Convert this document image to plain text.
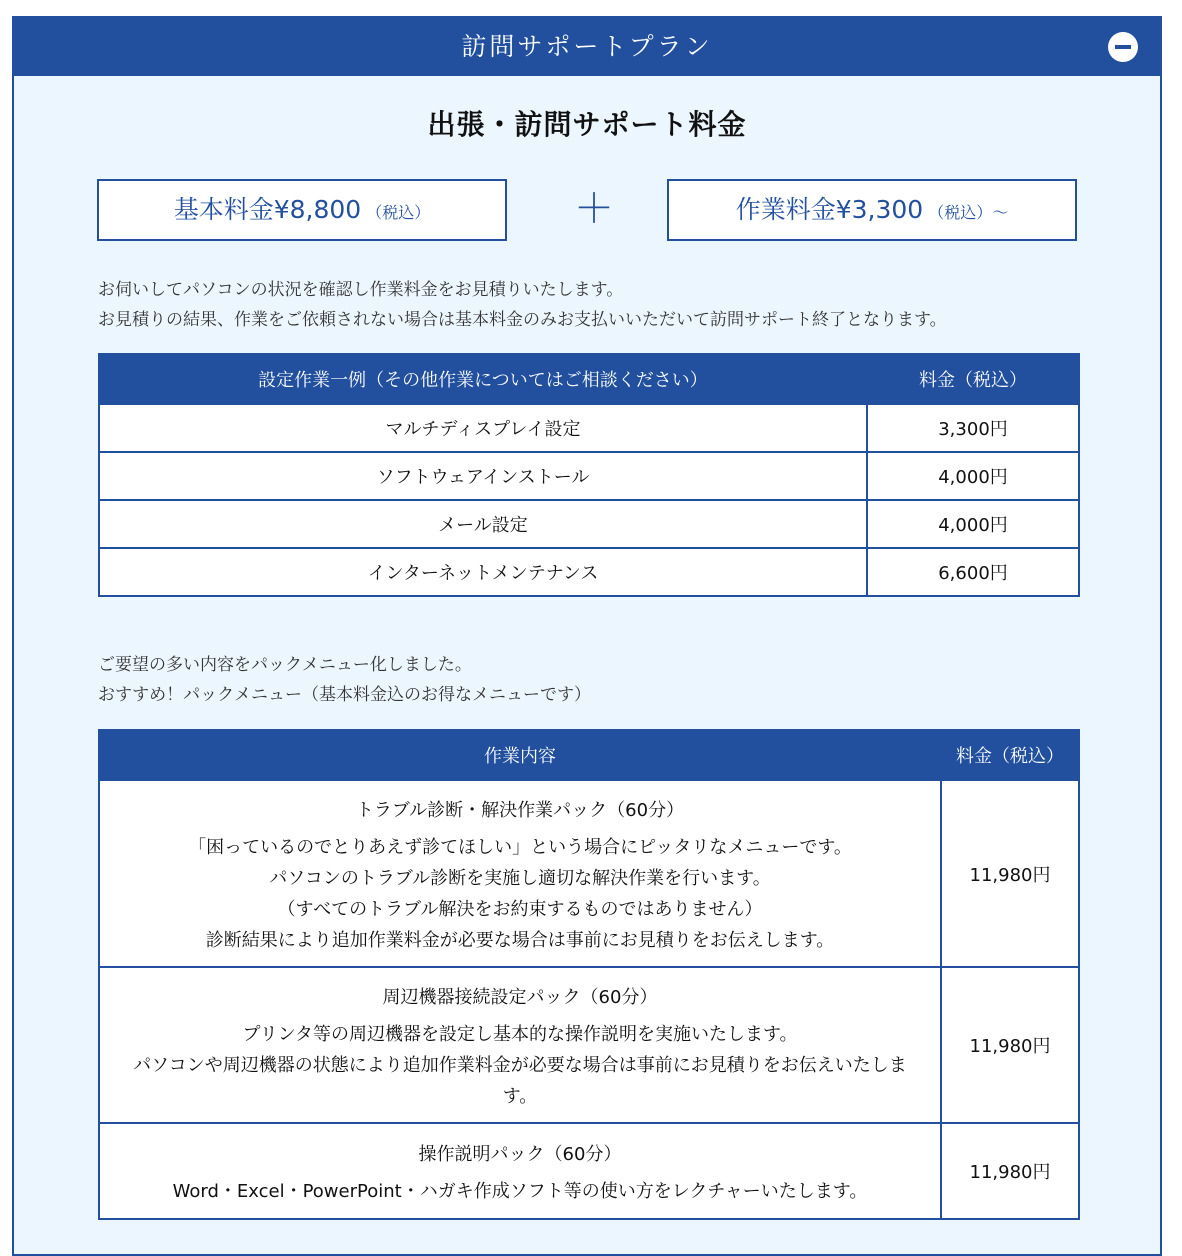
訪問サポートプラン
出張・訪問サポート料金
基本料金¥8,800 （税込）	＋	作業料金¥3,300 （税込）～
お伺いしてパソコンの状況を確認し作業料金をお見積りいたします。
お見積りの結果、作業をご依頼されない場合は基本料金のみお支払いいただいて訪問サポート終了となります。
設定作業一例（その他作業についてはご相談ください）	料金（税込）
マルチディスプレイ設定	3,300円
ソフトウェアインストール	4,000円
メール設定	4,000円
インターネットメンテナンス	6,600円
ご要望の多い内容をパックメニュー化しました。
おすすめ！パックメニュー（基本料金込のお得なメニューです）
作業内容	料金（税込）

トラブル診断・解決作業パック（60分）
「困っているのでとりあえず診てほしい」という場合にピッタリなメニューです。
パソコンのトラブル診断を実施し適切な解決作業を行います。
（すべてのトラブル解決をお約束するものではありません）
診断結果により追加作業料金が必要な場合は事前にお見積りをお伝えします。	11,980円

周辺機器接続設定パック（60分）
プリンタ等の周辺機器を設定し基本的な操作説明を実施いたします。
パソコンや周辺機器の状態により追加作業料金が必要な場合は事前にお見積りをお伝えいたしま
す。	11,980円

操作説明パック（60分）
Word・Excel・PowerPoint・ハガキ作成ソフト等の使い方をレクチャーいたします。	11,980円
